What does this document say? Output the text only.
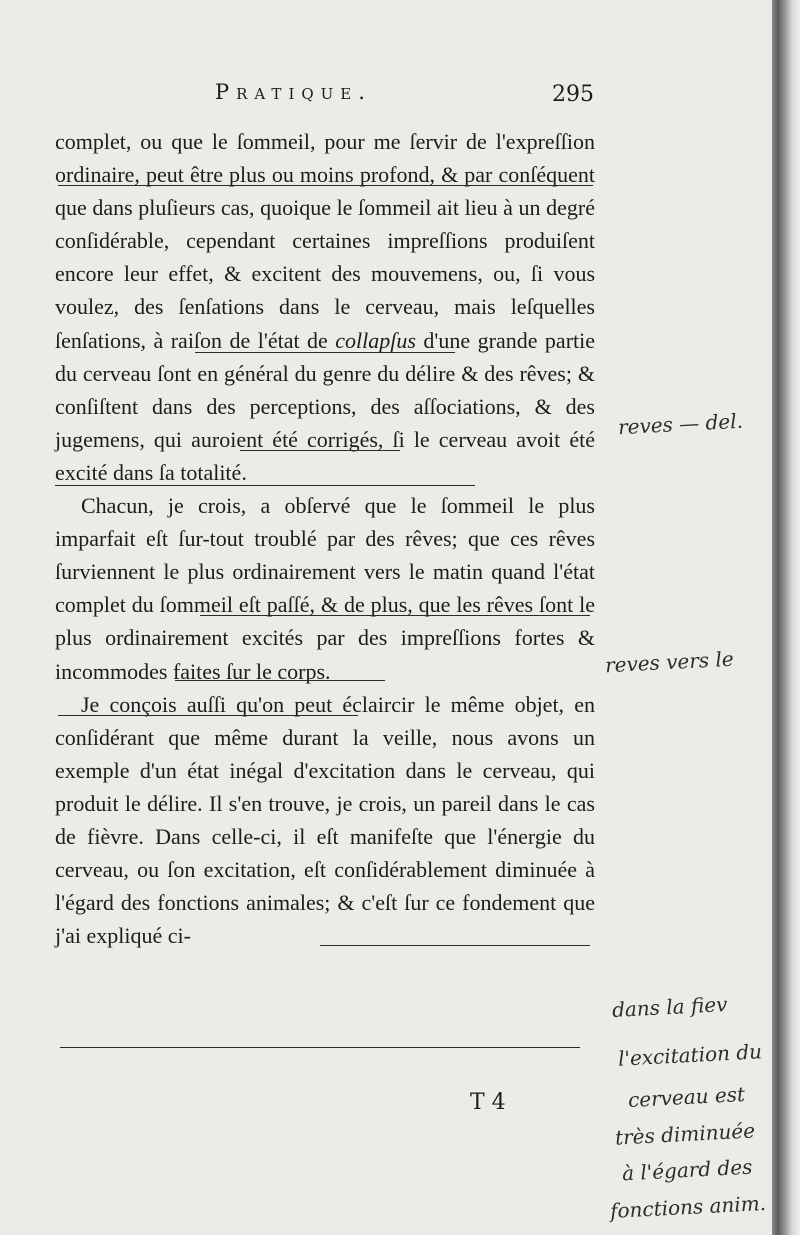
Pratique.	295

complet, ou que le ſommeil, pour me ſervir de l'expreſſion ordinaire, peut être plus ou moins profond, & par conſéquent que dans pluſieurs cas, quoique le ſommeil ait lieu à un degré conſidérable, cependant certaines impreſſions produiſent encore leur effet, & excitent des mouvemens, ou, ſi vous voulez, des ſenſations dans le cerveau, mais leſquelles ſenſations, à raiſon de l'état de collapſus d'une grande partie du cerveau ſont en général du genre du délire & des rêves; & conſiſtent dans des perceptions, des aſſociations, & des jugemens, qui auroient été corrigés, ſi le cerveau avoit été excité dans ſa totalité.

Chacun, je crois, a obſervé que le ſommeil le plus imparfait eſt ſur-tout troublé par des rêves; que ces rêves ſurviennent le plus ordinairement vers le matin quand l'état complet du ſommeil eſt paſſé, & de plus, que les rêves ſont le plus ordinairement excités par des impreſſions fortes & incommodes faites ſur le corps.

Je conçois auſſi qu'on peut éclaircir le même objet, en conſidérant que même durant la veille, nous avons un exemple d'un état inégal d'excitation dans le cerveau, qui produit le délire. Il s'en trouve, je crois, un pareil dans le cas de fièvre. Dans celle-ci, il eſt manifeſte que l'énergie du cerveau, ou ſon excitation, eſt conſidérablement diminuée à l'égard des fonctions animales; & c'eſt ſur ce fondement que j'ai expliqué ci-

T 4
reves — del.
reves vers le
dans la fiev
l'excitation du
cerveau est
très diminuée
à l'égard des
fonctions anim.
